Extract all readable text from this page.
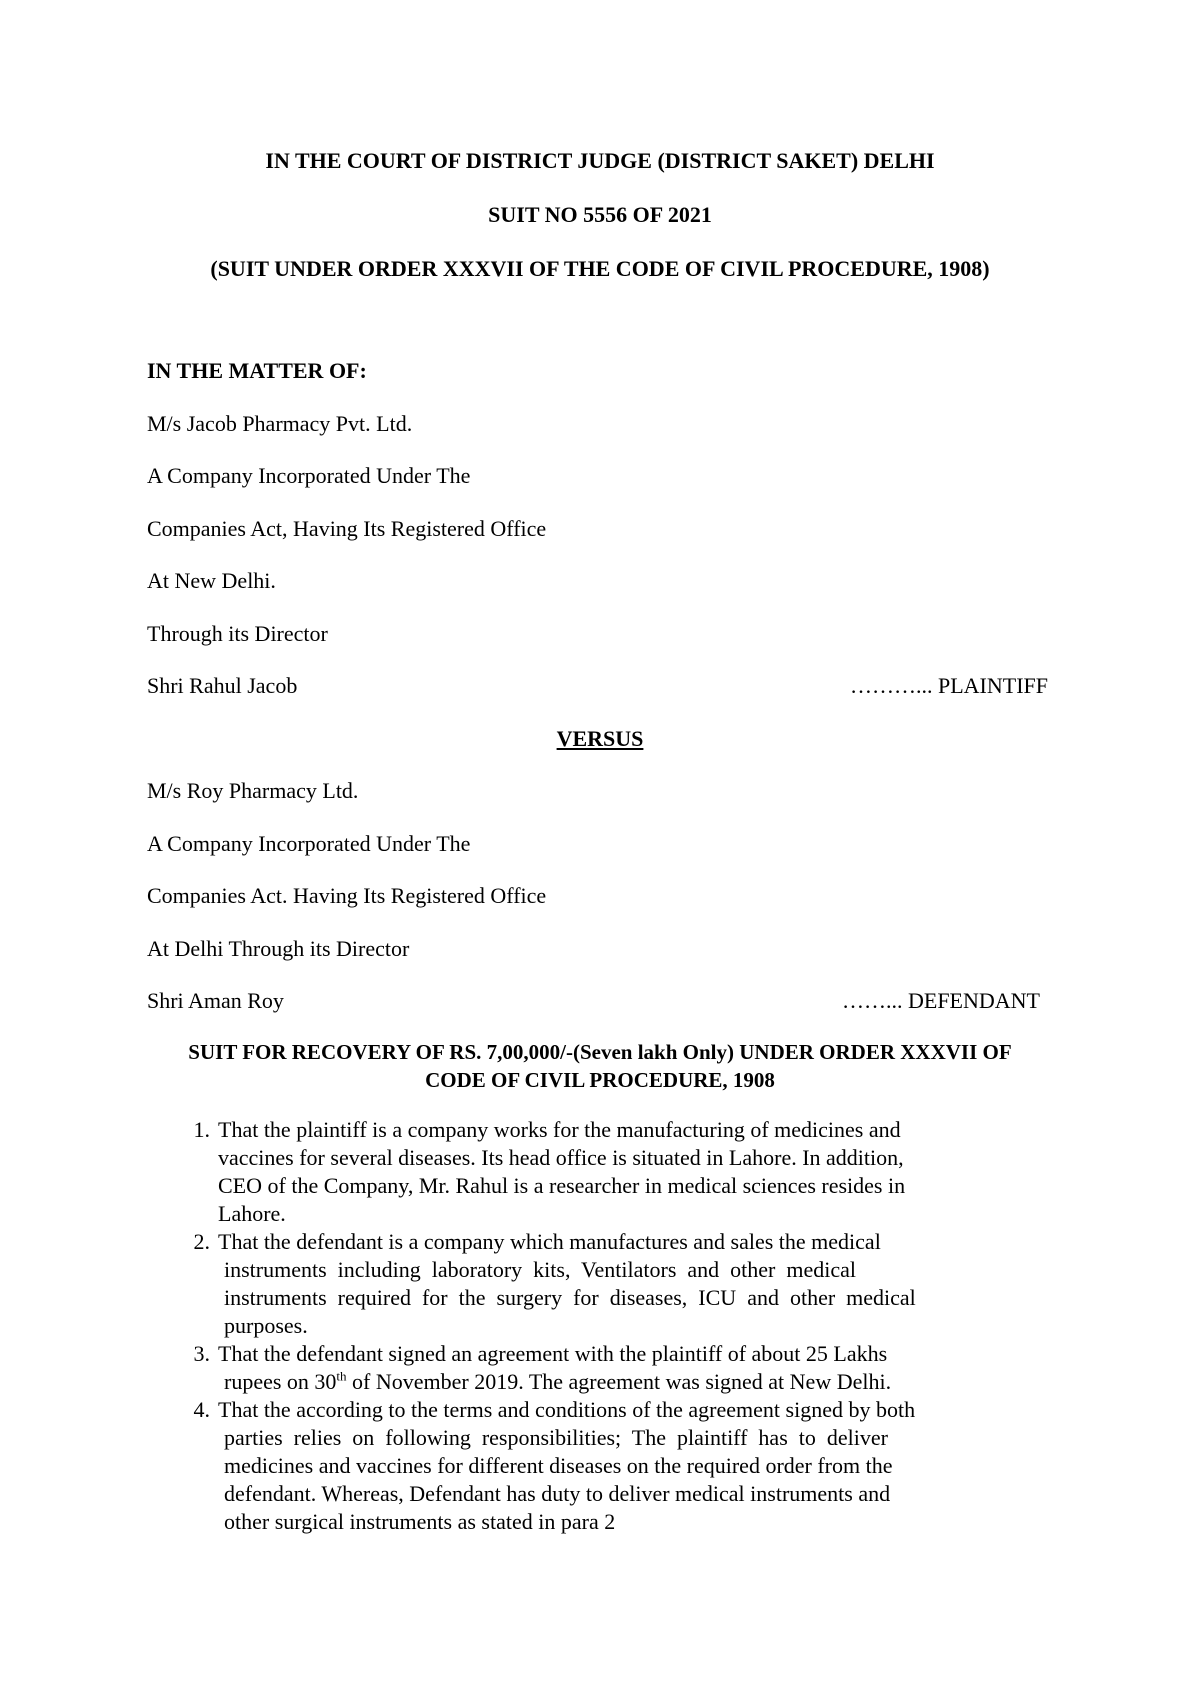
IN THE COURT OF DISTRICT JUDGE (DISTRICT SAKET) DELHI
SUIT NO 5556 OF 2021
(SUIT UNDER ORDER XXXVII OF THE CODE OF CIVIL PROCEDURE, 1908)
IN THE MATTER OF:
M/s Jacob Pharmacy Pvt. Ltd.
A Company Incorporated Under The
Companies Act, Having Its Registered Office
At New Delhi.
Through its Director
Shri Rahul Jacob	………... PLAINTIFF
VERSUS
M/s Roy Pharmacy Ltd.
A Company Incorporated Under The
Companies Act. Having Its Registered Office
At Delhi Through its Director
Shri Aman Roy	……... DEFENDANT
SUIT FOR RECOVERY OF RS. 7,00,000/-(Seven lakh Only) UNDER ORDER XXXVII OF
CODE OF CIVIL PROCEDURE, 1908
1. That the plaintiff is a company works for the manufacturing of medicines and
vaccines for several diseases. Its head office is situated in Lahore. In addition,
CEO of the Company, Mr. Rahul is a researcher in medical sciences resides in
Lahore.
2. That the defendant is a company which manufactures and sales the medical
instruments  including  laboratory  kits,  Ventilators  and  other  medical
instruments  required  for  the  surgery  for  diseases,  ICU  and  other  medical
purposes.
3. That the defendant signed an agreement with the plaintiff of about 25 Lakhs
rupees on 30th of November 2019. The agreement was signed at New Delhi.
4. That the according to the terms and conditions of the agreement signed by both
parties  relies  on  following  responsibilities;  The  plaintiff  has  to  deliver
medicines and vaccines for different diseases on the required order from the
defendant. Whereas, Defendant has duty to deliver medical instruments and
other surgical instruments as stated in para 2
